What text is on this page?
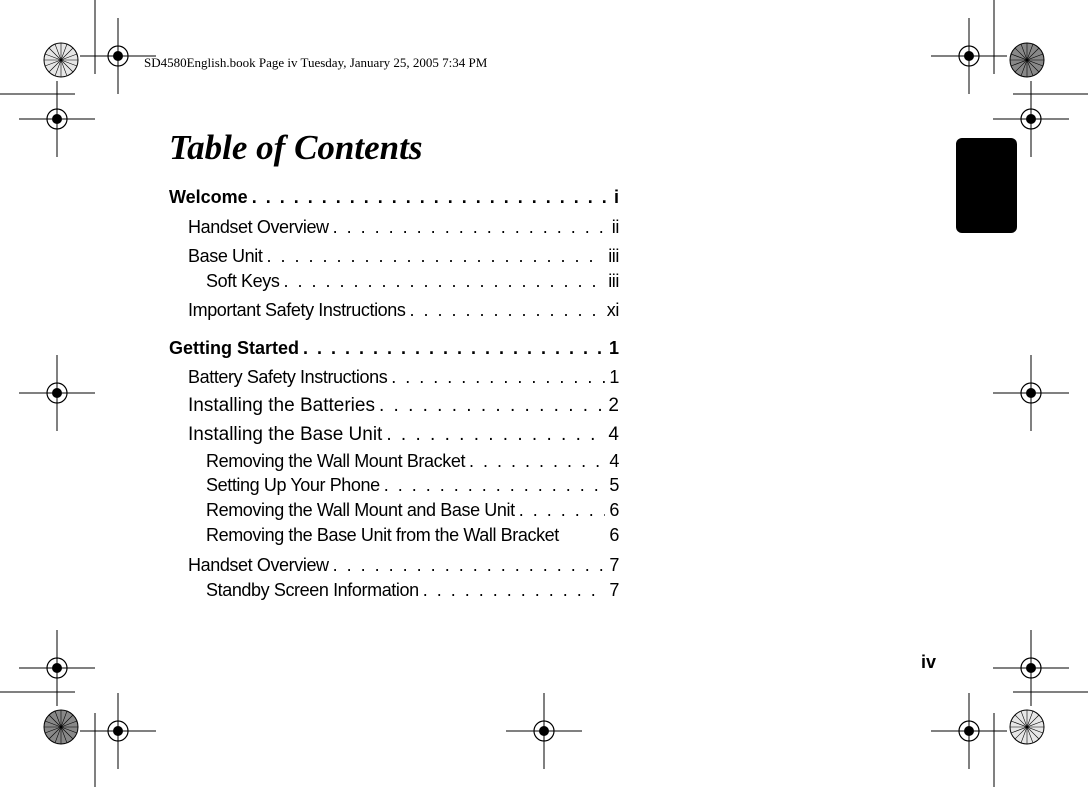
SD4580English.book Page iv Tuesday, January 25, 2005 7:34 PM
Table of Contents
Welcome . . .	i
Handset Overview . . .	ii
Base Unit . . .	iii
Soft Keys . . .	iii
Important Safety Instructions . . .	xi
Getting Started . . .	1
Battery Safety Instructions . . .	1
Installing the Batteries . . .	2
Installing the Base Unit . . .	4
Removing the Wall Mount Bracket . . .	4
Setting Up Your Phone . . .	5
Removing the Wall Mount and Base Unit . . .	6
Removing the Base Unit from the Wall Bracket	6
Handset Overview . . .	7
Standby Screen Information . . .	7
iv
